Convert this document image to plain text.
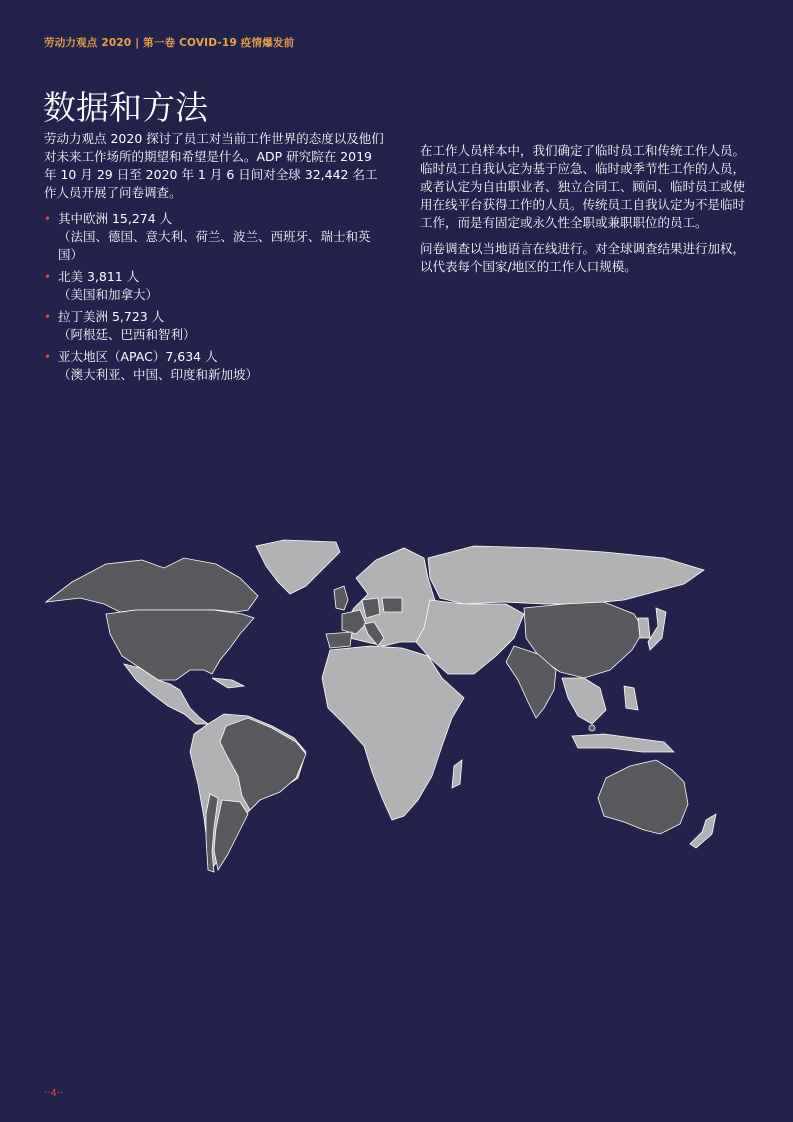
劳动力观点 2020 | 第一卷 COVID-19 疫情爆发前
数据和方法

劳动力观点 2020 探讨了员工对当前工作世界的态度以及他们对未来工作场所的期望和希望是什么。ADP 研究院在 2019 年 10 月 29 日至 2020 年 1 月 6 日间对全球 32,442 名工作人员开展了问卷调查。

• 其中欧洲 15,274 人
（法国、德国、意大利、荷兰、波兰、西班牙、瑞士和英国）
• 北美 3,811 人
（美国和加拿大）
• 拉丁美洲 5,723 人
（阿根廷、巴西和智利）
• 亚太地区（APAC）7,634 人
（澳大利亚、中国、印度和新加坡）

在工作人员样本中，我们确定了临时员工和传统工作人员。临时员工自我认定为基于应急、临时或季节性工作的人员，或者认定为自由职业者、独立合同工、顾问、临时员工或使用在线平台获得工作的人员。传统员工自我认定为不是临时工作，而是有固定或永久性全职或兼职职位的员工。

问卷调查以当地语言在线进行。对全球调查结果进行加权，以代表每个国家/地区的工作人口规模。

··4··
